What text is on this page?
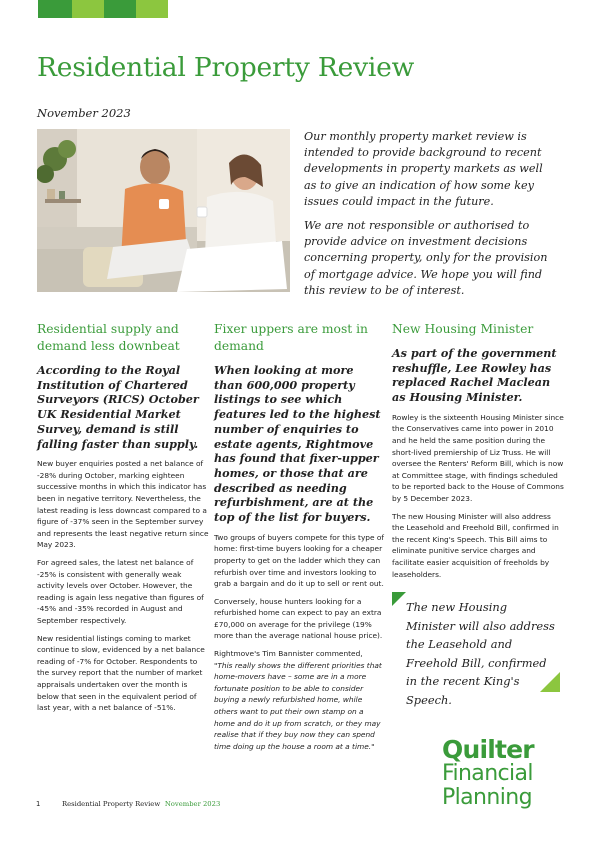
Residential Property Review
November 2023

Our monthly property market review is intended to provide background to recent developments in property markets as well as to give an indication of how some key issues could impact in the future.

We are not responsible or authorised to provide advice on investment decisions concerning property, only for the provision of mortgage advice. We hope you will find this review to be of interest.

Residential supply and demand less downbeat
According to the Royal Institution of Chartered Surveyors (RICS) October UK Residential Market Survey, demand is still falling faster than supply.

New buyer enquiries posted a net balance of -28% during October, marking eighteen successive months in which this indicator has been in negative territory. Nevertheless, the latest reading is less downcast compared to a figure of -37% seen in the September survey and represents the least negative return since May 2023.

For agreed sales, the latest net balance of -25% is consistent with generally weak activity levels over October. However, the reading is again less negative than figures of -45% and -35% recorded in August and September respectively.

New residential listings coming to market continue to slow, evidenced by a net balance reading of -7% for October. Respondents to the survey report that the number of market appraisals undertaken over the month is below that seen in the equivalent period of last year, with a net balance of -51%.

Fixer uppers are most in demand
When looking at more than 600,000 property listings to see which features led to the highest number of enquiries to estate agents, Rightmove has found that fixer-upper homes, or those that are described as needing refurbishment, are at the top of the list for buyers.

Two groups of buyers compete for this type of home: first-time buyers looking for a cheaper property to get on the ladder which they can refurbish over time and investors looking to grab a bargain and do it up to sell or rent out.

Conversely, house hunters looking for a refurbished home can expect to pay an extra £70,000 on average for the privilege (19% more than the average national house price).

Rightmove's Tim Bannister commented,

"This really shows the different priorities that home-movers have – some are in a more fortunate position to be able to consider buying a newly refurbished home, while others want to put their own stamp on a home and do it up from scratch, or they may realise that if they buy now they can spend time doing up the house a room at a time."

New Housing Minister
As part of the government reshuffle, Lee Rowley has replaced Rachel Maclean as Housing Minister.

Rowley is the sixteenth Housing Minister since the Conservatives came into power in 2010 and he held the same position during the short-lived premiership of Liz Truss. He will oversee the Renters' Reform Bill, which is now at Committee stage, with findings scheduled to be reported back to the House of Commons by 5 December 2023.

The new Housing Minister will also address the Leasehold and Freehold Bill, confirmed in the recent King's Speech. This Bill aims to eliminate punitive service charges and facilitate easier acquisition of freeholds by leaseholders.

The new Housing Minister will also address the Leasehold and Freehold Bill, confirmed in the recent King's Speech.
1	Residential Property Review November 2023
Quilter
Financial
Planning
